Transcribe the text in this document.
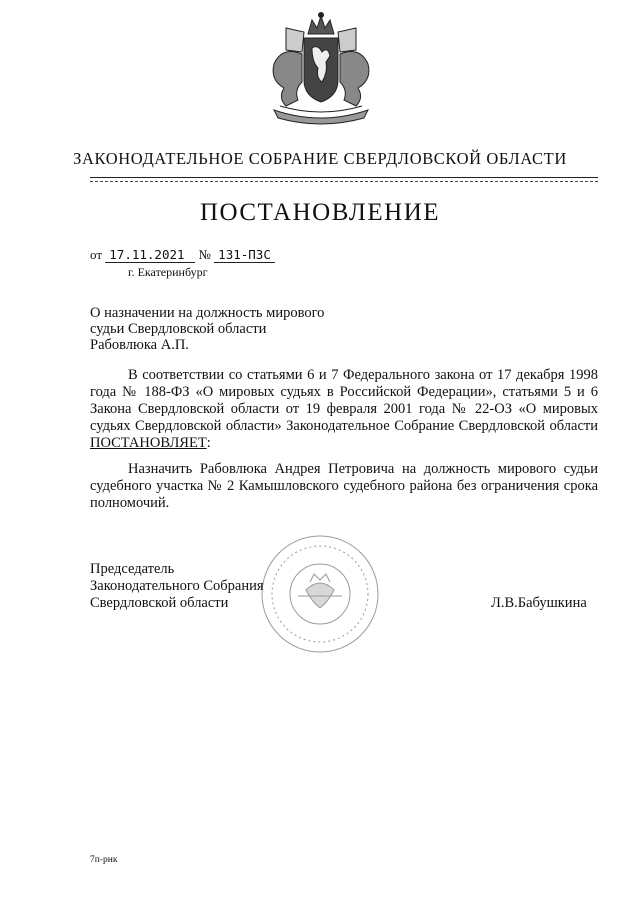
ЗАКОНОДАТЕЛЬНОЕ СОБРАНИЕ СВЕРДЛОВСКОЙ ОБЛАСТИ
ПОСТАНОВЛЕНИЕ
от 17.11.2021 № 131-ПЗС
г. Екатеринбург
О назначении на должность мирового судьи Свердловской области Рабовлюка А.П.
В соответствии со статьями 6 и 7 Федерального закона от 17 декабря 1998 года № 188-ФЗ «О мировых судьях в Российской Федерации», статьями 5 и 6 Закона Свердловской области от 19 февраля 2001 года № 22-ОЗ «О мировых судьях Свердловской области» Законодательное Собрание Свердловской области ПОСТАНОВЛЯЕТ:
Назначить Рабовлюка Андрея Петровича на должность мирового судьи судебного участка № 2 Камышловского судебного района без ограничения срока полномочий.
Председатель
Законодательного Собрания
Свердловской области	Л.В.Бабушкина
7п-рнк
